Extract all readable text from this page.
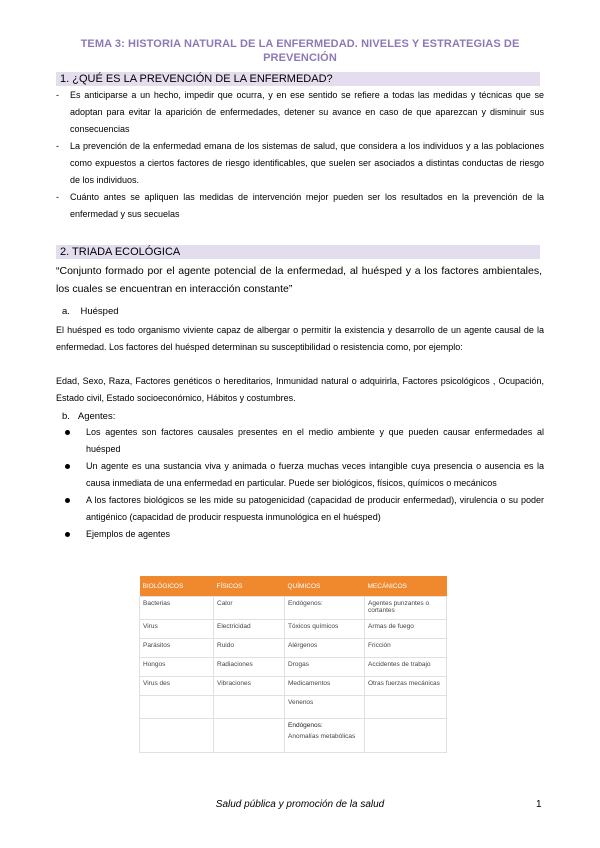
TEMA 3: HISTORIA NATURAL DE LA ENFERMEDAD. NIVELES Y ESTRATEGIAS DE PREVENCIÓN
1. ¿QUÉ ES LA PREVENCIÓN DE LA ENFERMEDAD?
- Es anticiparse a un hecho, impedir que ocurra, y en ese sentido se refiere a todas las medidas y técnicas que se adoptan para evitar la aparición de enfermedades, detener su avance en caso de que aparezcan y disminuir sus consecuencias
- La prevención de la enfermedad emana de los sistemas de salud, que considera a los individuos y a las poblaciones como expuestos a ciertos factores de riesgo identificables, que suelen ser asociados a distintas conductas de riesgo de los individuos.
- Cuánto antes se apliquen las medidas de intervención mejor pueden ser los resultados en la prevención de la enfermedad y sus secuelas
2. TRIADA ECOLÓGICA
“Conjunto formado por el agente potencial de la enfermedad, al huésped y a los factores ambientales, los cuales se encuentran en interacción constante”
a. Huésped
El huésped es todo organismo viviente capaz de albergar o permitir la existencia y desarrollo de un agente causal de la enfermedad. Los factores del huésped determinan su susceptibilidad o resistencia como, por ejemplo:
Edad, Sexo, Raza, Factores genéticos o hereditarios, Inmunidad natural o adquirirla, Factores psicológicos , Ocupación, Estado civil, Estado socioeconómico, Hábitos y costumbres.
b. Agentes:
Los agentes son factores causales presentes en el medio ambiente y que pueden causar enfermedades al huésped
Un agente es una sustancia viva y animada o fuerza muchas veces intangible cuya presencia o ausencia es la causa inmediata de una enfermedad en particular. Puede ser biológicos, físicos, químicos o mecánicos
A los factores biológicos se les mide su patogenicidad (capacidad de producir enfermedad), virulencia o su poder antigénico (capacidad de producir respuesta inmunológica en el huésped)
Ejemplos de agentes
BIOLÓGICOS	FÍSICOS	QUÍMICOS	MECÁNICOS
Bacterias	Calor	Endógenos:	Agentes punzantes o cortantes
Virus	Electricidad	Tóxicos químicos	Armas de fuego
Parásitos	Ruido	Alérgenos	Fricción
Hongos	Radiaciones	Drogas	Accidentes de trabajo
Virus des	Vibraciones	Medicamentos	Otras fuerzas mecánicas
		Venenos	

		Endógenos:
Anomalías metabólicas	

Salud pública y promoción de la salud	1
